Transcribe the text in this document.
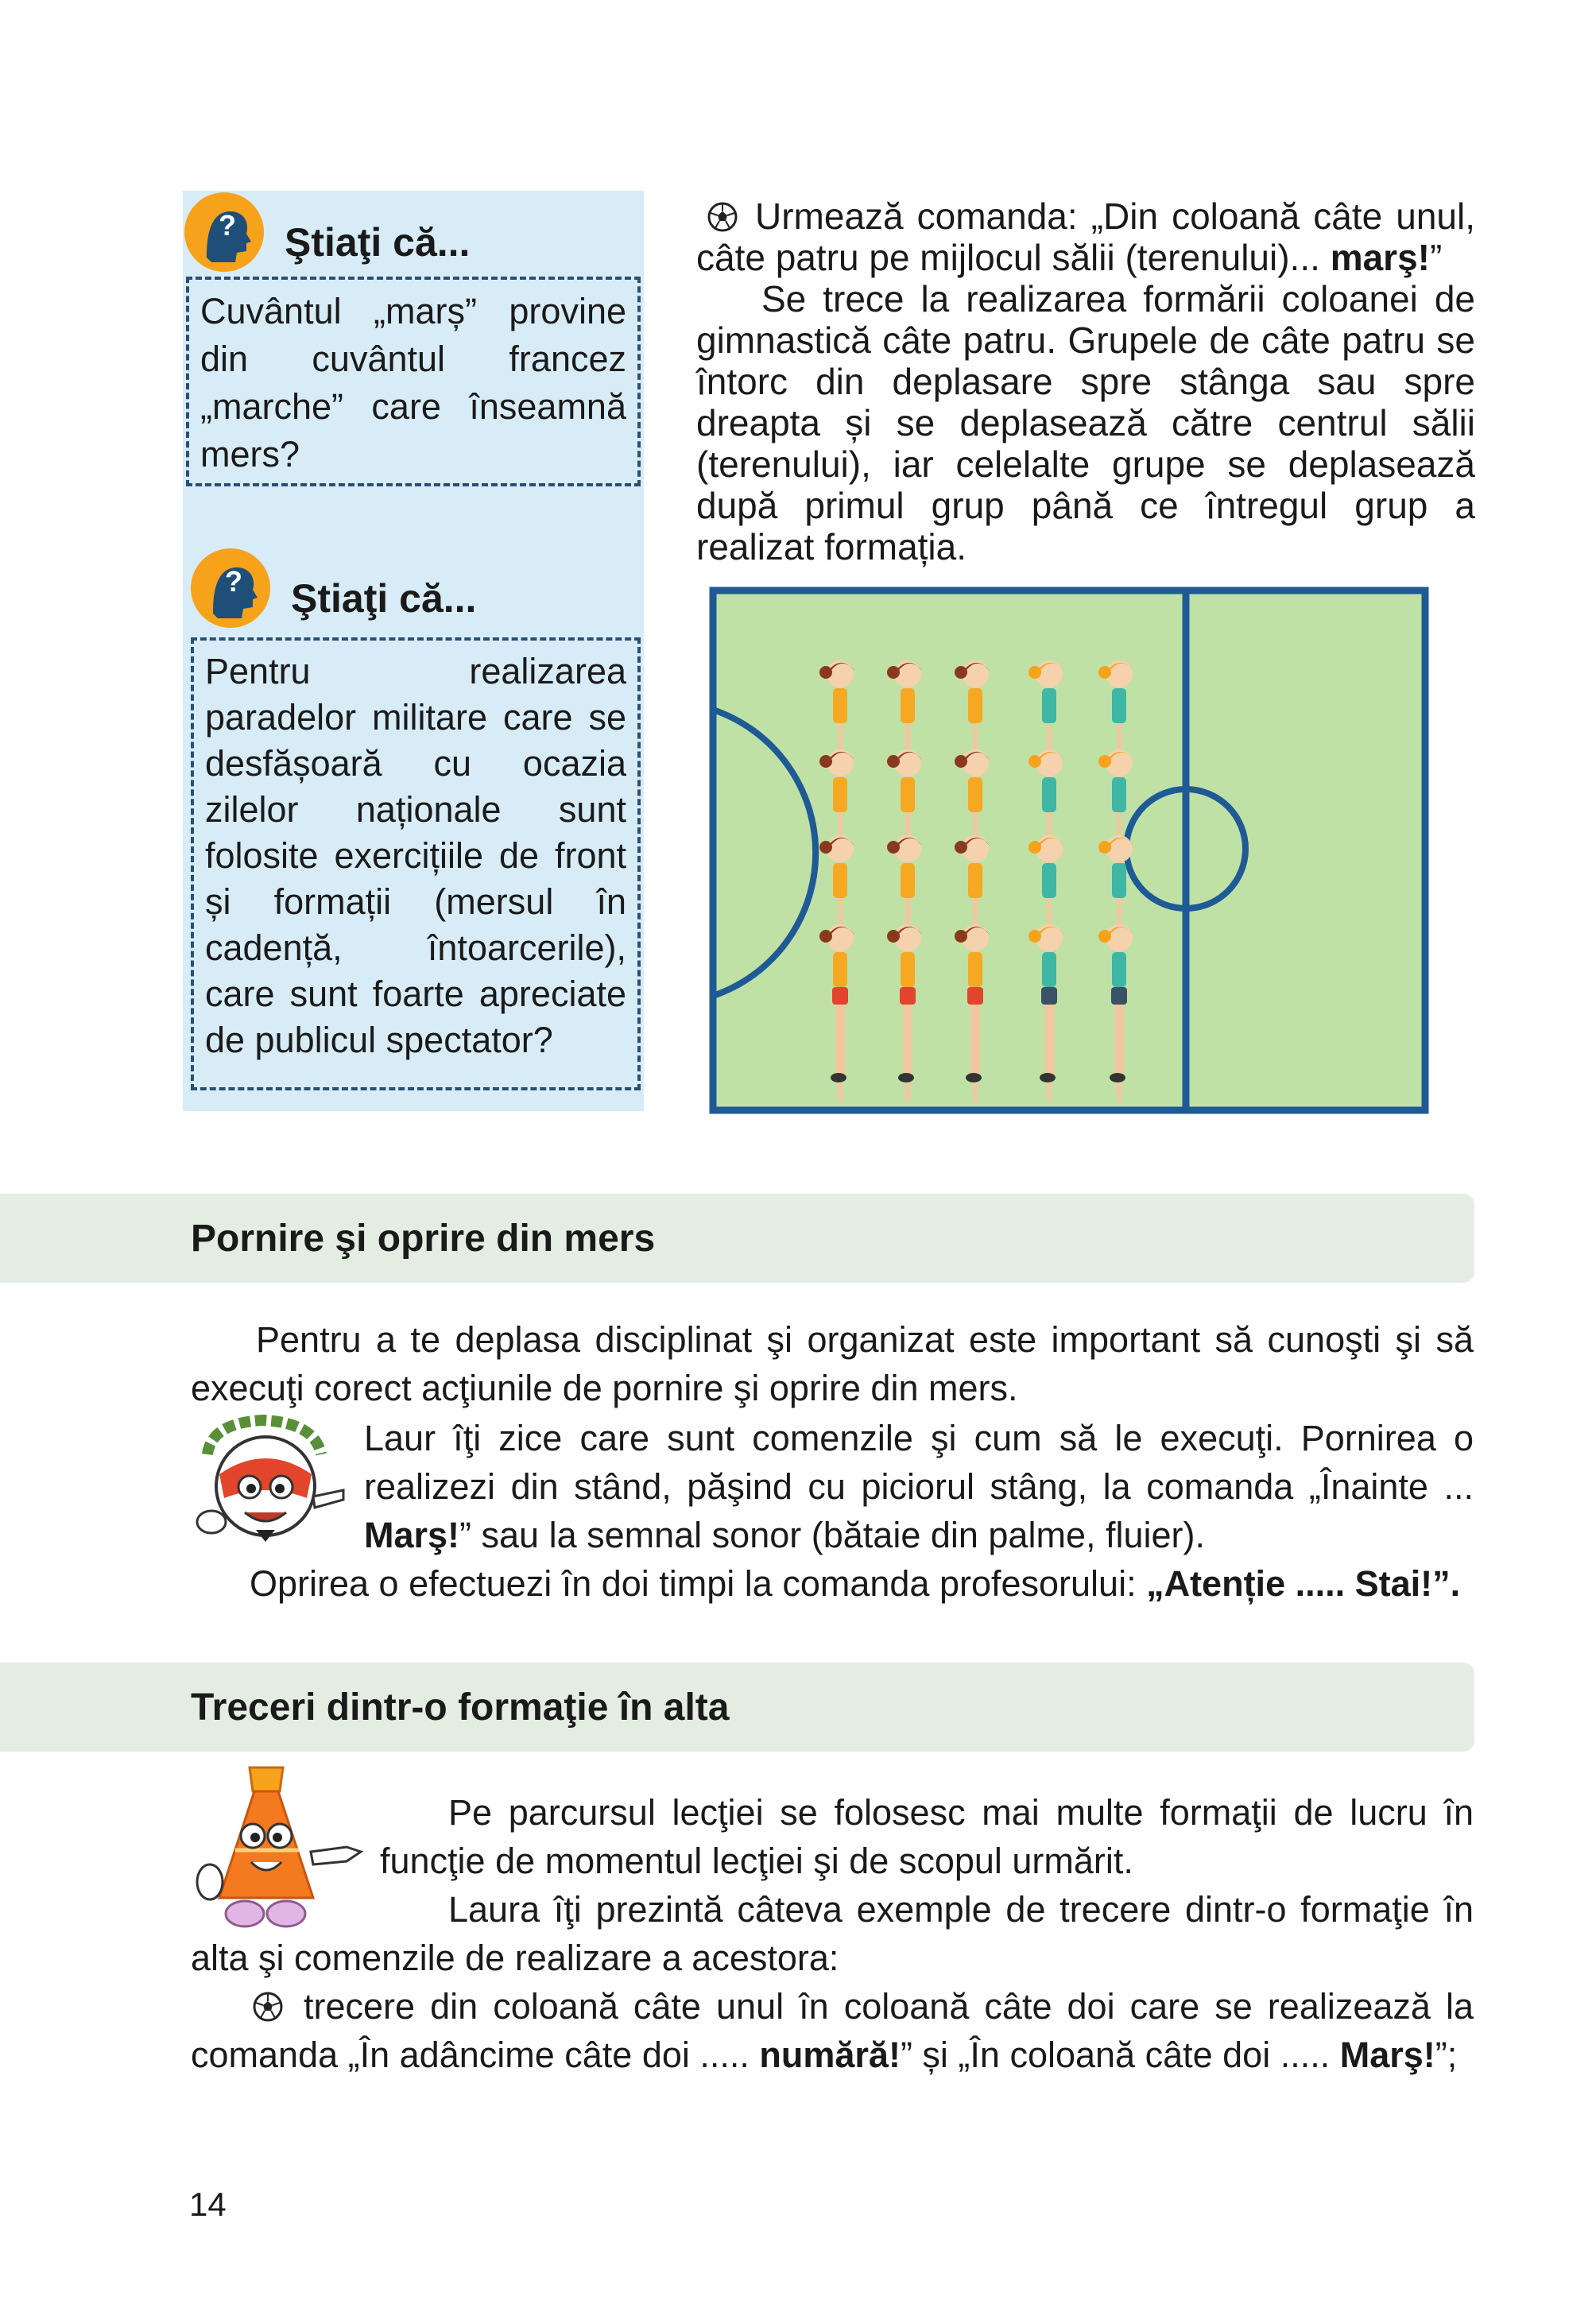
? Ştiaţi că...

Cuvântul „marș” provine din cuvântul francez „marche” care înseamnă mers?

? Ştiaţi că...

Pentru realizarea paradelor militare care se desfășoară cu ocazia zilelor naționale sunt folosite exercițiile de front și formații (mersul în cadență, întoarcerile), care sunt foarte apreciate de publicul spectator?

Urmează comanda: „Din coloană câte unul, câte patru pe mijlocul sălii (terenului)... marş!”

Se trece la realizarea formării coloanei de gimnastică câte patru. Grupele de câte patru se întorc din deplasare spre stânga sau spre dreapta și se deplasează către centrul sălii (terenului), iar celelalte grupe se deplasează după primul grup până ce întregul grup a realizat formația.

Pornire şi oprire din mers

Pentru a te deplasa disciplinat şi organizat este important să cunoşti şi să execuţi corect acţiunile de pornire şi oprire din mers.

Laur îţi zice care sunt comenzile şi cum să le execuţi. Pornirea o realizezi din stând, păşind cu piciorul stâng, la comanda „Înainte ... Marş!” sau la semnal sonor (bătaie din palme, fluier).

Oprirea o efectuezi în doi timpi la comanda profesorului: „Atenție ..... Stai!”.

Treceri dintr-o formaţie în alta

Pe parcursul lecţiei se folosesc mai multe formaţii de lucru în funcţie de momentul lecţiei şi de scopul urmărit.

Laura îţi prezintă câteva exemple de trecere dintr-o formaţie în alta şi comenzile de realizare a acestora:

trecere din coloană câte unul în coloană câte doi care se realizează la comanda „În adâncime câte doi ..... numără!” și „În coloană câte doi ..... Marş!”;

14
